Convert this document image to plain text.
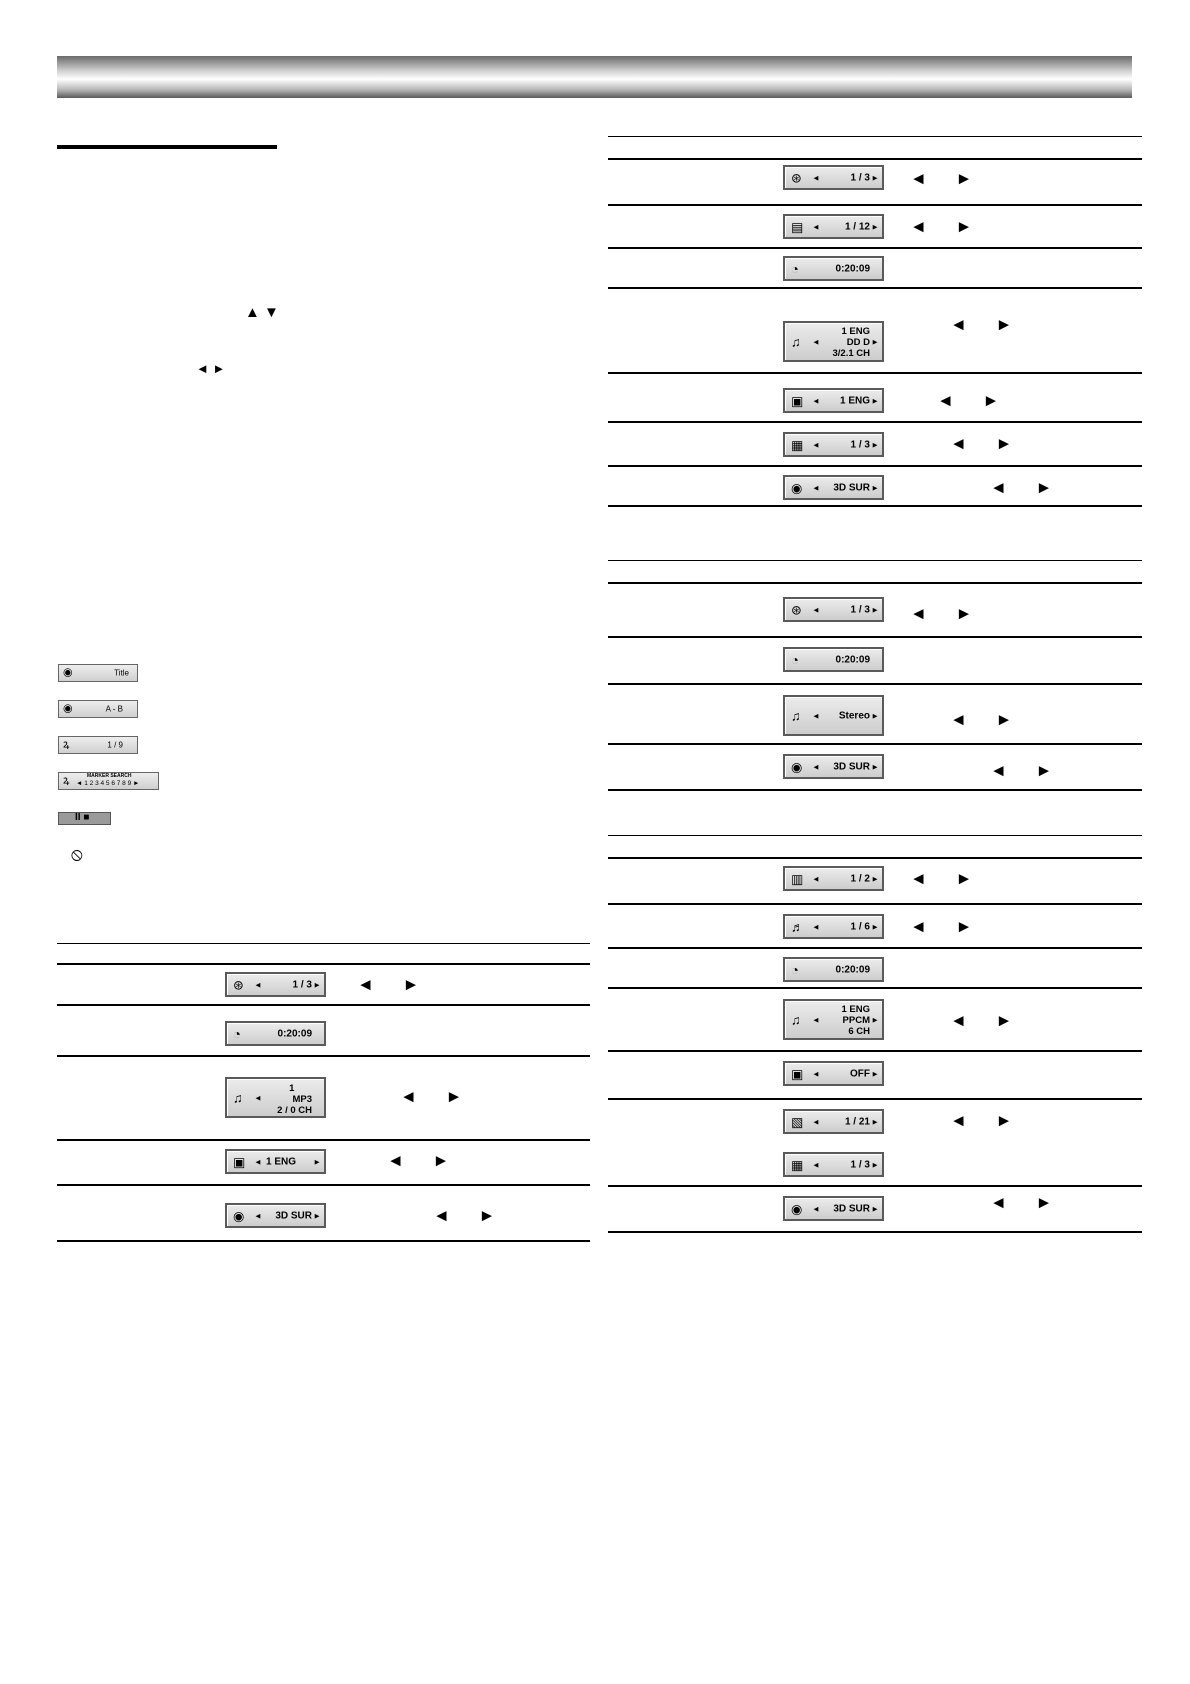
▲ ▼
◄ ►
◉	Title
◉	A - B
ꝝ	1 / 9
ꝝ	MARKER SEARCH
◄ 1 2 3 4 5 6 7 8 9 ►
II ■
⦸
⊛ ◄	1 / 3 ► ◄ ►
◔	0:20:09
♫ ◄
1
MP3
2 / 0 CH
◄ ►
▣ ◄ 1 ENG ►	◄ ►
◉ ◄ 3D SUR ►	◄ ►
⊛ ◄	1 / 3 ► ◄ ►
▤ ◄	1 / 12 ► ◄ ►
◔	0:20:09
♫ ◄
1 ENG
DD D
3/2.1 CH
►
◄ ►
▣ ◄ 1 ENG ►	◄ ►
▦ ◄	1 / 3 ►	◄ ►
◉ ◄ 3D SUR ►	◄ ►
⊛ ◄	1 / 3 ► ◄ ►
◔	0:20:09
♫ ◄ Stereo ►	◄ ►
◉ ◄ 3D SUR ►	◄ ►
▥ ◄	1 / 2 ► ◄ ►
♬ ◄	1 / 6 ► ◄ ►
◔	0:20:09
♫ ◄
1 ENG
PPCM
6 CH
►	◄ ►
▣ ◄	OFF ►
▧ ◄	1 / 21 ►	◄ ►
▦ ◄	1 / 3 ►
◉ ◄ 3D SUR ►	◄ ►
